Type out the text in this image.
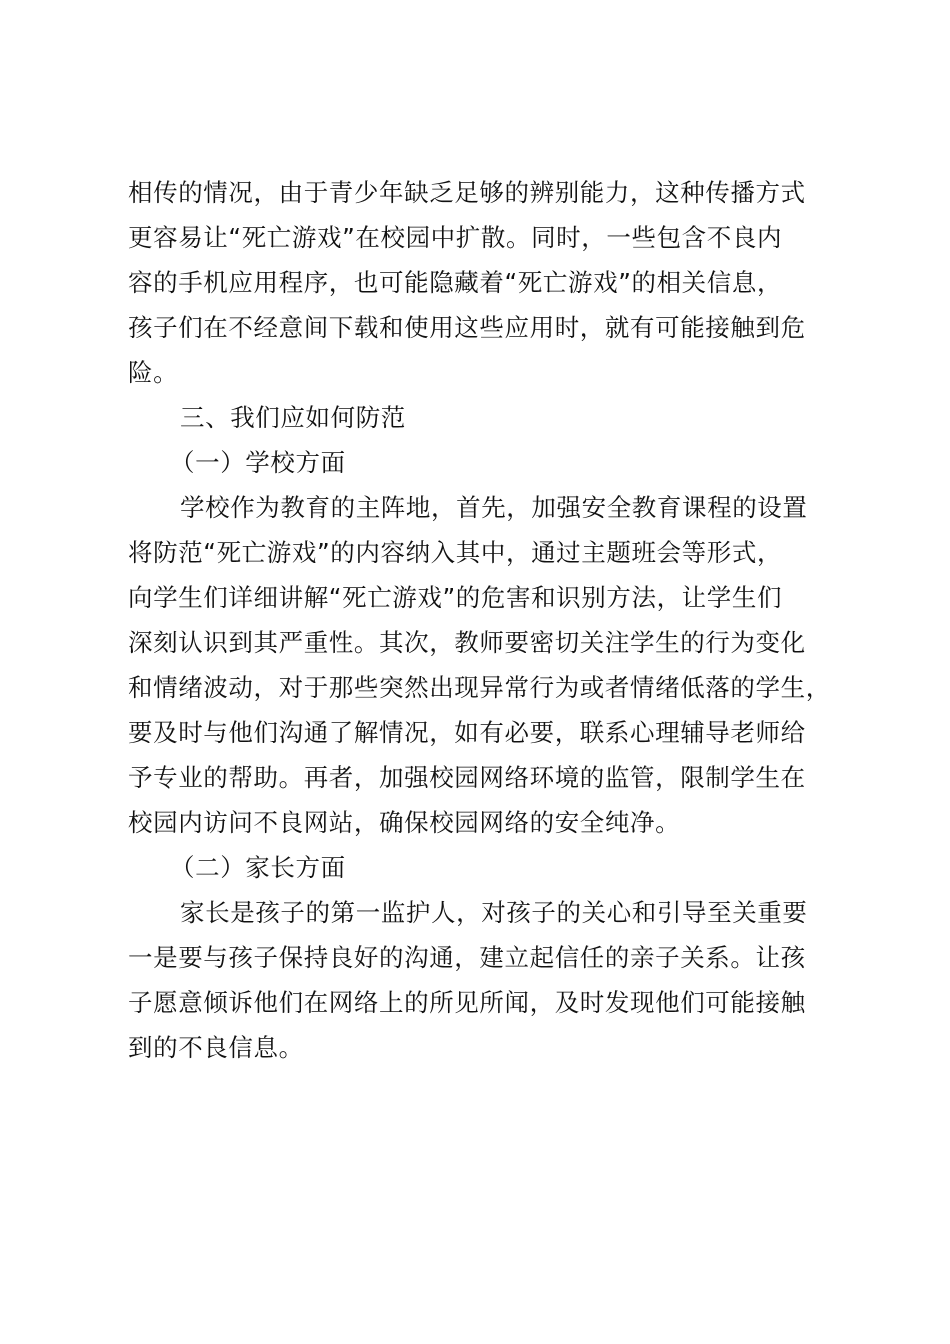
相传的情况，由于青少年缺乏足够的辨别能力，这种传播方式
更容易让“死亡游戏”在校园中扩散。同时，一些包含不良内
容的手机应用程序，也可能隐藏着“死亡游戏”的相关信息，
孩子们在不经意间下载和使用这些应用时，就有可能接触到危
险。
三、我们应如何防范
（一）学校方面
学校作为教育的主阵地，首先，加强安全教育课程的设置
将防范“死亡游戏”的内容纳入其中，通过主题班会等形式，
向学生们详细讲解“死亡游戏”的危害和识别方法，让学生们
深刻认识到其严重性。其次，教师要密切关注学生的行为变化
和情绪波动，对于那些突然出现异常行为或者情绪低落的学生，
要及时与他们沟通了解情况，如有必要，联系心理辅导老师给
予专业的帮助。再者，加强校园网络环境的监管，限制学生在
校园内访问不良网站，确保校园网络的安全纯净。
（二）家长方面
家长是孩子的第一监护人，对孩子的关心和引导至关重要
一是要与孩子保持良好的沟通，建立起信任的亲子关系。让孩
子愿意倾诉他们在网络上的所见所闻，及时发现他们可能接触
到的不良信息。
